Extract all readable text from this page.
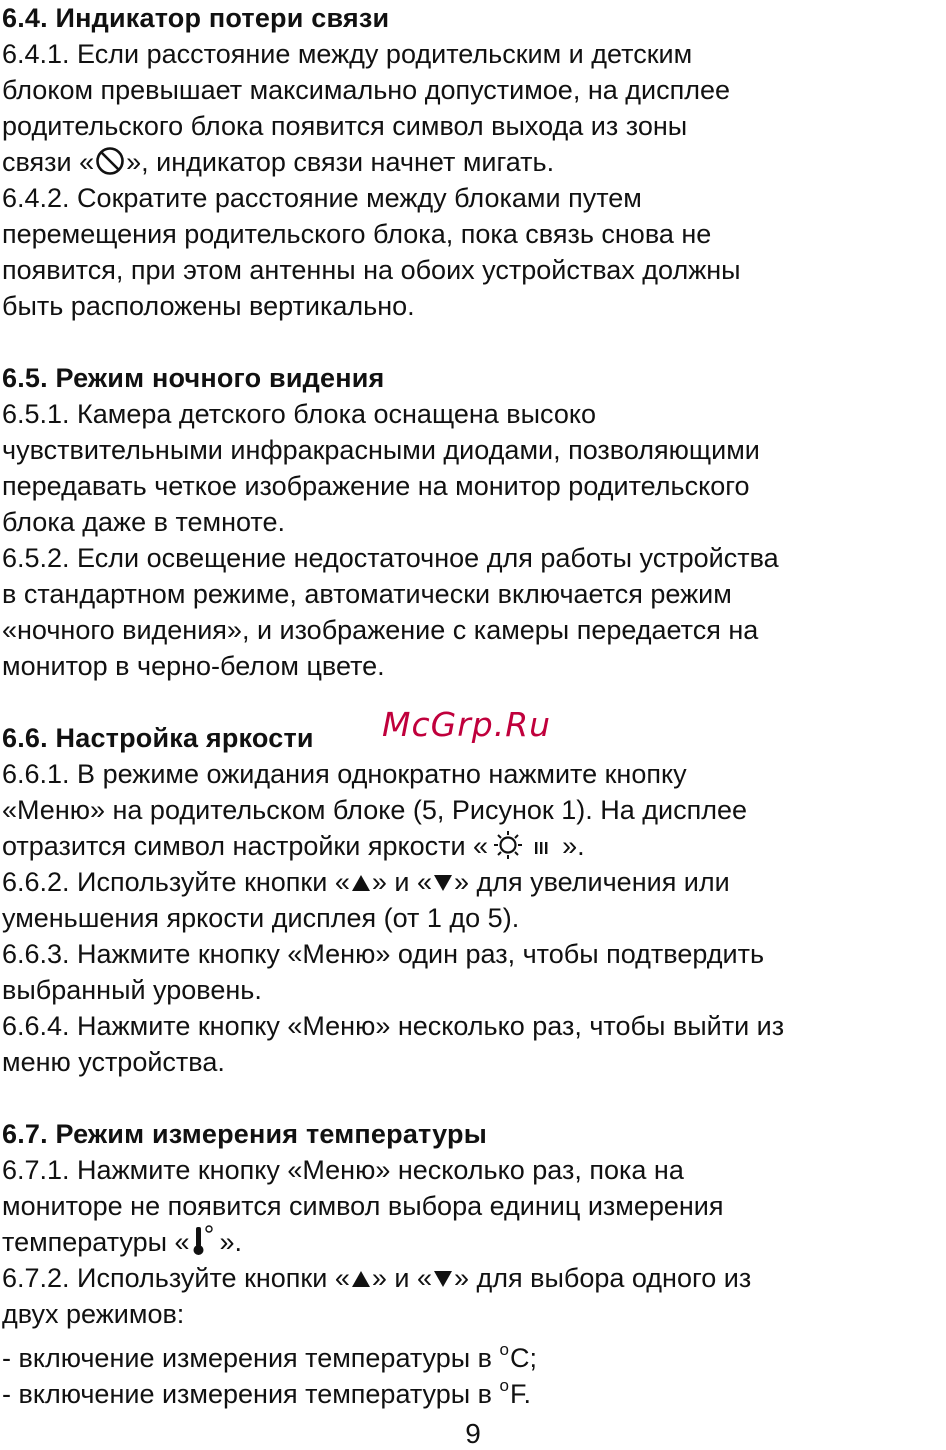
6.4. Индикатор потери связи
6.4.1. Если расстояние между родительским и детским
блоком превышает максимально допустимое, на дисплее
родительского блока появится символ выхода из зоны
связи « », индикатор связи начнет мигать.
6.4.2. Сократите расстояние между блоками путем
перемещения родительского блока, пока связь снова не
появится, при этом антенны на обоих устройствах должны
быть расположены вертикально.
6.5. Режим ночного видения
6.5.1. Камера детского блока оснащена высоко
чувствительными инфракрасными диодами, позволяющими
передавать четкое изображение на монитор родительского
блока даже в темноте.
6.5.2. Если освещение недостаточное для работы устройства
в стандартном режиме, автоматически включается режим
«ночного видения», и изображение с камеры передается на
монитор в черно-белом цвете.
6.6. Настройка яркости
6.6.1. В режиме ожидания однократно нажмите кнопку
«Меню» на родительском блоке (5, Рисунок 1). На дисплее
отразится символ настройки яркости «	».
6.6.2. Используйте кнопки « » и « » для увеличения или
уменьшения яркости дисплея (от 1 до 5).
6.6.3. Нажмите кнопку «Меню» один раз, чтобы подтвердить
выбранный уровень.
6.6.4. Нажмите кнопку «Меню» несколько раз, чтобы выйти из
меню устройства.
6.7. Режим измерения температуры
6.7.1. Нажмите кнопку «Меню» несколько раз, пока на
мониторе не появится символ выбора единиц измерения
температуры « ».
6.7.2. Используйте кнопки « » и « » для выбора одного из
двух режимов:
- включение измерения температуры в $^о$C;
- включение измерения температуры в $^о$F.
McGrp.Ru
9
